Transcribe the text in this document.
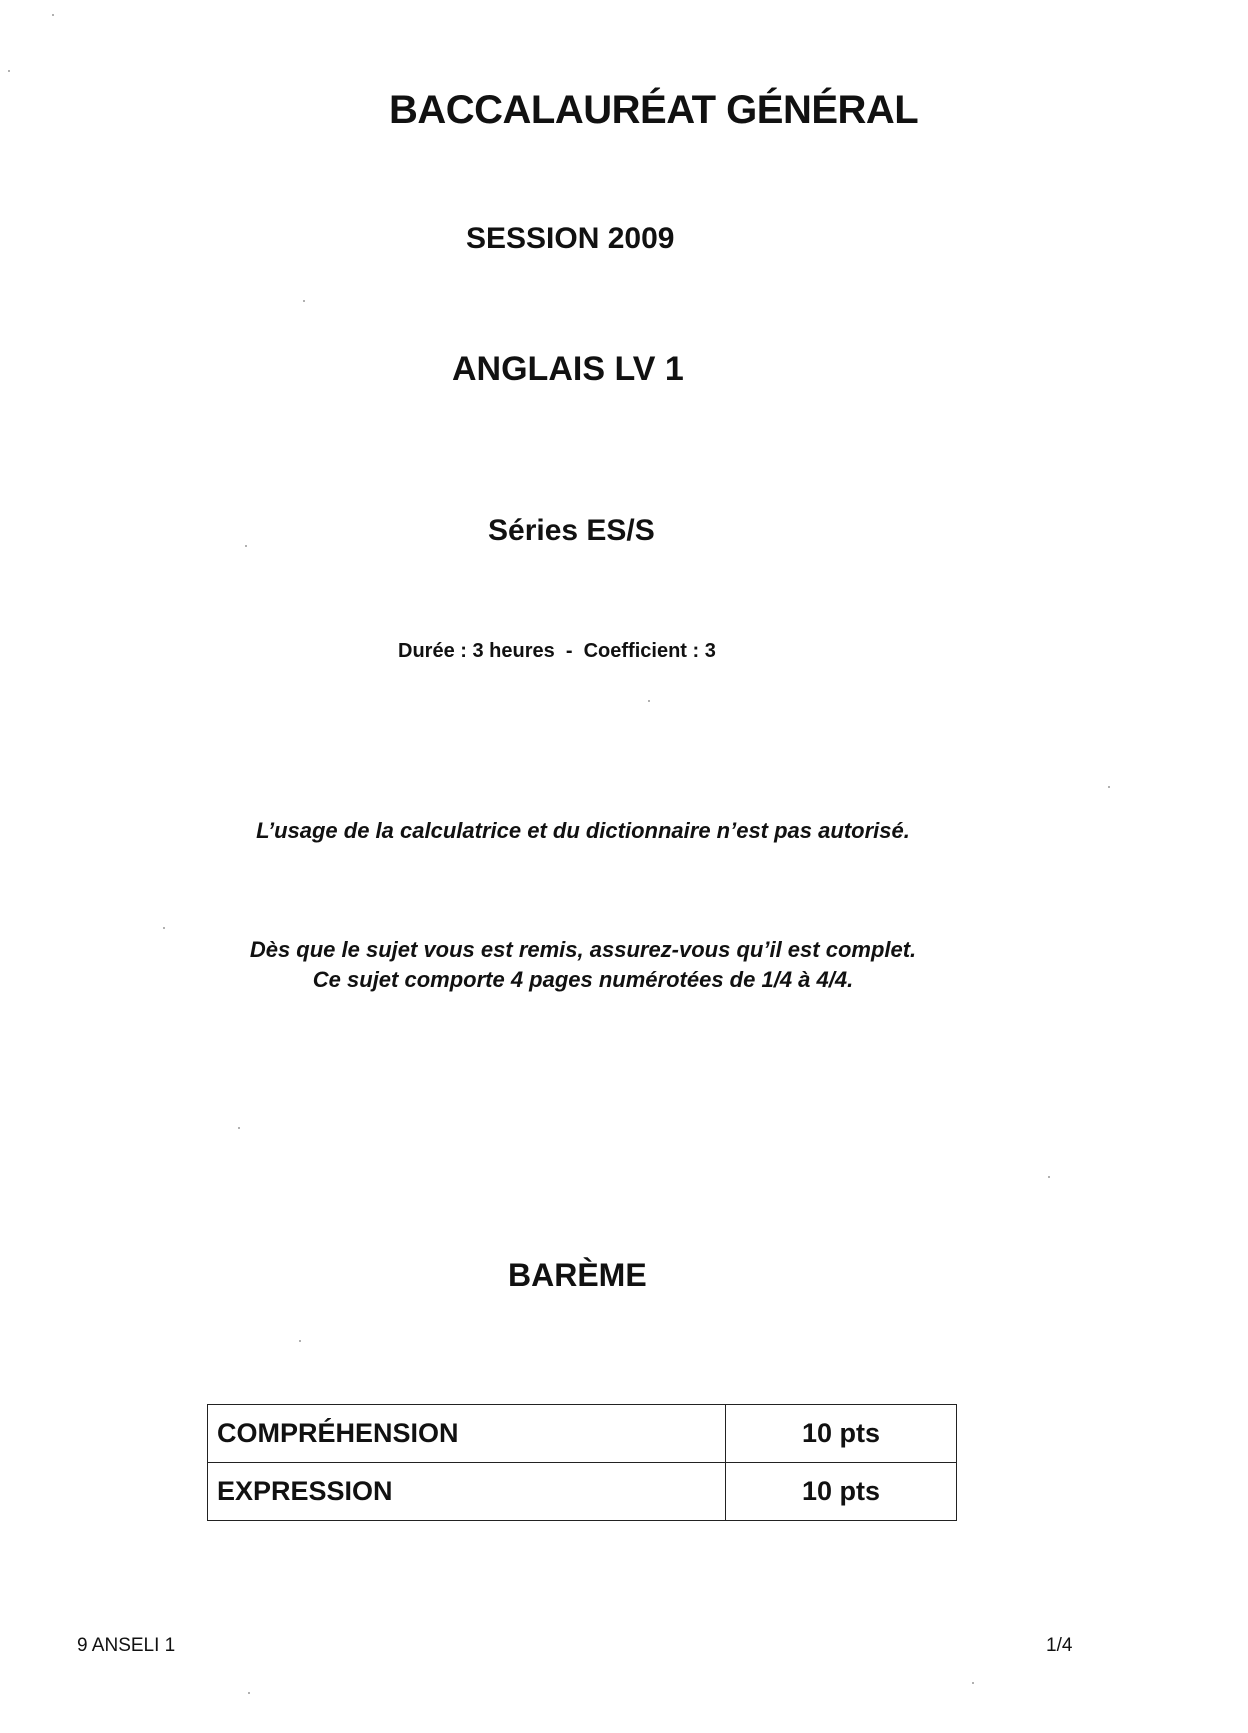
BACCALAURÉAT GÉNÉRAL
SESSION 2009
ANGLAIS LV 1
Séries ES/S
Durée : 3 heures  -  Coefficient : 3
L’usage de la calculatrice et du dictionnaire n’est pas autorisé.
Dès que le sujet vous est remis, assurez-vous qu’il est complet.
Ce sujet comporte 4 pages numérotées de 1/4 à 4/4.
BARÈME
COMPRÉHENSION	10 pts
EXPRESSION	10 pts
9 ANSELI 1	1/4
